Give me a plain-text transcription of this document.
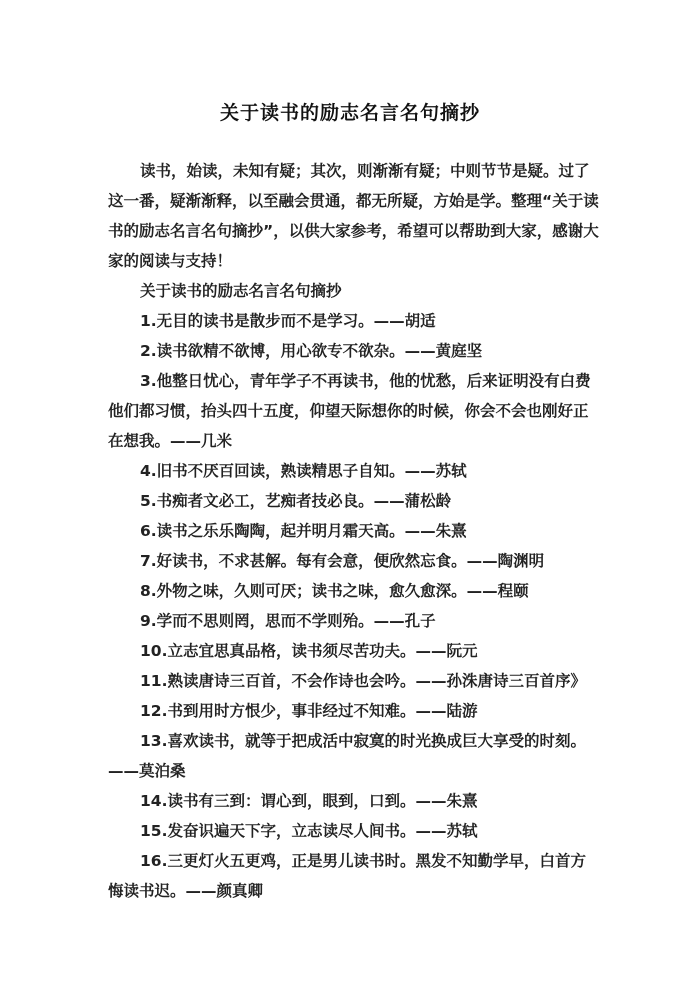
关于读书的励志名言名句摘抄

读书，始读，未知有疑；其次，则渐渐有疑；中则节节是疑。过了这一番，疑渐渐释，以至融会贯通，都无所疑，方始是学。整理“关于读书的励志名言名句摘抄”，以供大家参考，希望可以帮助到大家，感谢大家的阅读与支持！

关于读书的励志名言名句摘抄

1.无目的读书是散步而不是学习。——胡适

2.读书欲精不欲博，用心欲专不欲杂。——黄庭坚

3.他整日忧心，青年学子不再读书，他的忧愁，后来证明没有白费他们都习惯，抬头四十五度，仰望天际想你的时候，你会不会也刚好正在想我。——几米

4.旧书不厌百回读，熟读精思子自知。——苏轼

5.书痴者文必工，艺痴者技必良。——蒲松龄

6.读书之乐乐陶陶，起并明月霜天高。——朱熹

7.好读书，不求甚解。每有会意，便欣然忘食。——陶渊明

8.外物之味，久则可厌；读书之味，愈久愈深。——程颐

9.学而不思则罔，思而不学则殆。——孔子

10.立志宜思真品格，读书须尽苦功夫。——阮元

11.熟读唐诗三百首，不会作诗也会吟。——孙洙唐诗三百首序》

12.书到用时方恨少，事非经过不知难。——陆游

13.喜欢读书，就等于把成活中寂寞的时光换成巨大享受的时刻。——莫泊桑

14.读书有三到：谓心到，眼到，口到。——朱熹

15.发奋识遍天下字，立志读尽人间书。——苏轼

16.三更灯火五更鸡，正是男儿读书时。黑发不知勤学早，白首方悔读书迟。——颜真卿
